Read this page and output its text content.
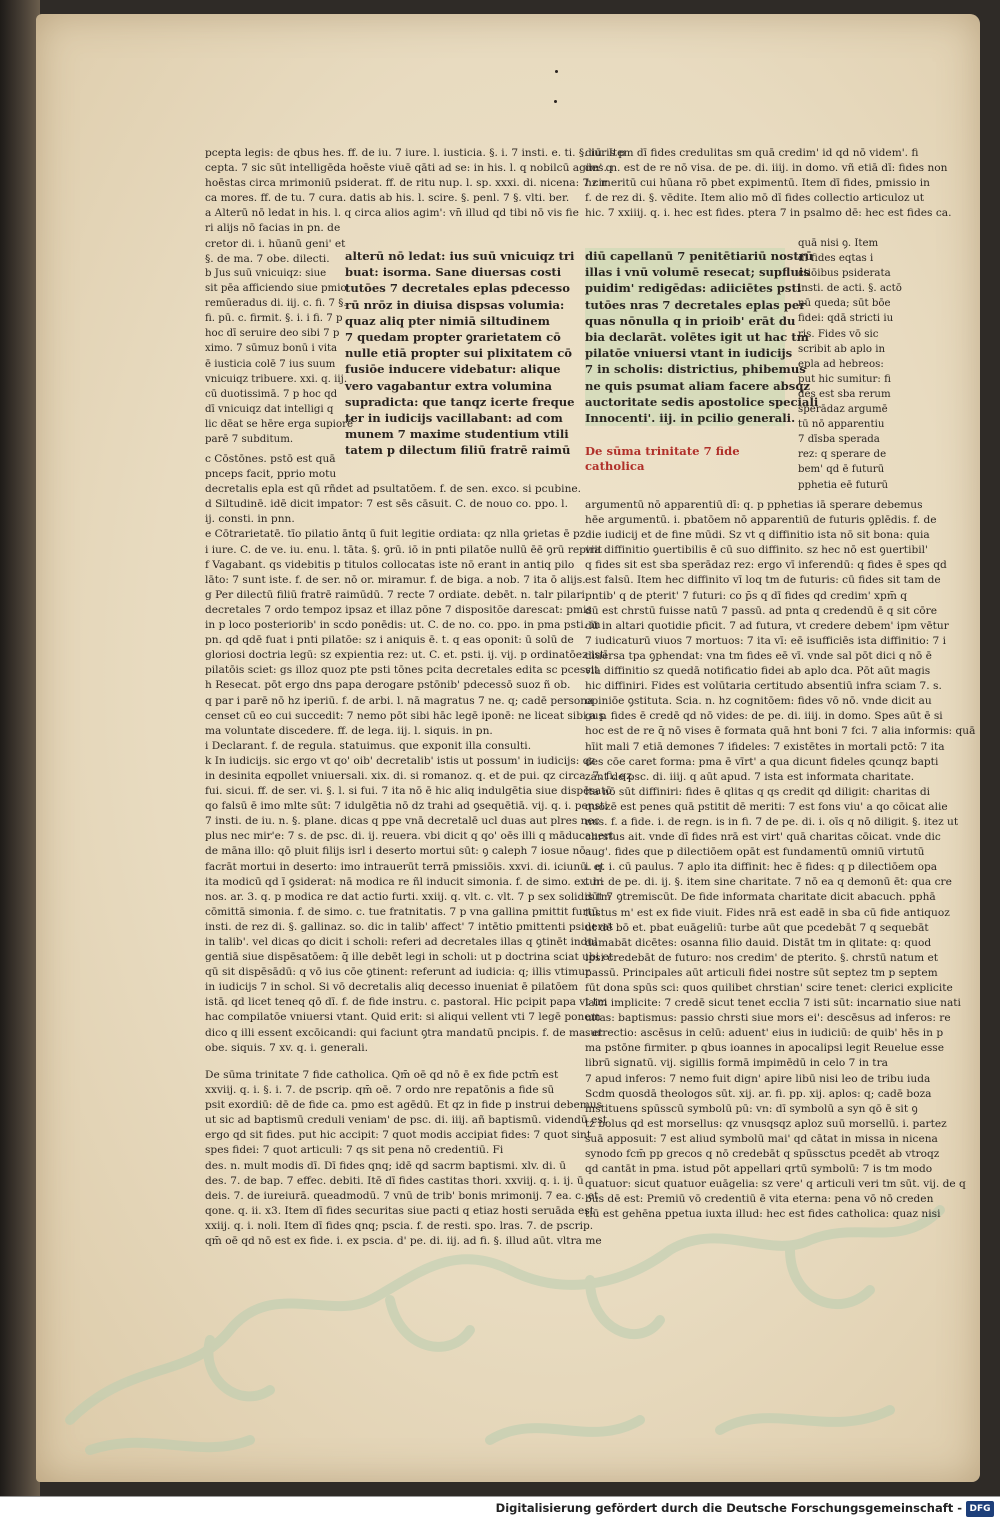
pcepta legis: de qbus hes. ff. de iu. 7 iure. l. iusticia. §. i. 7 insti. e. ti. §. iuris p
cepta. 7 sic sūt intelligēda hoēste viuē qāti ad se: in his. l. q nobilcū agim' q
hoēstas circa mrimoniū psiderat. ff. de ritu nup. l. sp. xxxi. di. nicena: 7 cir
ca mores. ff. de tu. 7 cura. datis ab his. l. scire. §. penl. 7 §. vlti. ber.
a Alterū nō ledat in his. l. q circa alios agim': vn̄ illud qd tibi nō vis fie
ri alijs nō facias in pn. de
cretor di. i. hūanū geni' et
§. de ma. 7 obe. dilecti.
b Jus suū vnicuiqz: siue
sit pēa afficiendo siue pmio
remūeradus di. iij. c. fi. 7 §.
fi. pū. c. firmit. §. i. i fi. 7 p
hoc dī seruire deo sibi 7 p
ximo. 7 sūmuz bonū i vita
ē iusticia colē 7 ius suum
vnicuiqz tribuere. xxi. q. iij.
cū duotissimā. 7 p hoc qd
dī vnicuiqz dat intelligi q
lic dēat se hēre erga supiorē
parē 7 subditum.
alterū nō ledat: ius suū vnicuiqz tri
buat: isorma. Sane diuersas costi
tutōes 7 decretales eplas pdecesso
rū nrōz in diuisa dispsas volumia:
quaz aliq pter nimiā siltudinem
7 quedam propter ꝯrarietatem cō
nulle etiā propter sui plixitatem cō
fusiōe inducere videbatur: alique
vero vagabantur extra volumina
supradicta: que tanqz icerte freque
ter in iudicijs vacillabant: ad com
munem 7 maxime studentium vtili
tatem p dilectum filiū fratrē raimū
c Cōstōnes. pstō est quā
pnceps facit, pprio motu
decretalis epla est qū rñdet ad psultatōem. f. de sen. exco. si pcubine.
d Siltudinē. idē dicit impator: 7 est sēs cāsuit. C. de nouo co. ppo. l.
ij. consti. in pnn.
e Cōtrarietatē. tīo pilatio āntq ū fuit legitie ordiata: qz nlla ꝯrietas ē pz
i iure. C. de ve. iu. enu. l. tāta. §. ꝯrū. iō in pnti pilatōe nullū ēē ꝯrū repirit
f Vagabant. qs videbitis p titulos collocatas iste nō erant in antiq pilo
lāto: 7 sunt iste. f. de ser. nō or. miramur. f. de biga. a nob. 7 ita ō alijs.
g Per dilectū filiū fratrē raimūdū. 7 recte 7 ordiate. debēt. n. talr pilari
decretales 7 ordo tempoz ipsaz et illaz pōne 7 dispositōe darescat: pmis
in p loco posteriorib' in scdo ponēdis: ut. C. de no. co. ppo. in pma psti. in
pn. qd qdē fuat i pnti pilatōe: sz i aniquis ē. t. q eas oponit: ū solū de
gloriosi doctria legū: sz expientia rez: ut. C. et. psti. ij. vij. p ordinatōez istī
pilatōis sciet: gs illoz quoz pte psti tōnes pcita decretales edita sc pcessit
h Resecat. pōt ergo dns papa derogare pstōnib' pdecessō suoz ñ ob.
q par i parē nō hz iperiū. f. de arbi. l. nā magratus 7 ne. q; cadē persona
censet cū eo cui succedit: 7 nemo pōt sibi hāc legē iponē: ne liceat sibi a p
ma voluntate discedere. ff. de lega. iij. l. siquis. in pn.
i Declarant. f. de regula. statuimus. que exponit illa consulti.
k In iudicijs. sic ergo vt qo' oib' decretalib' istis ut possum' in iudicijs: qz
in desinita eqpollet vniuersali. xix. di. si romanoz. q. et de pui. qz circa. 7. fi. qz
fui. sicui. ff. de ser. vi. §. l. si fui. 7 ita nō ē hic aliq indulgētia siue dispēsatō
qo falsū ē imo mlte sūt: 7 idulgētia nō dz trahi ad ꝯsequētiā. vij. q. i. pensti
7 insti. de iu. n. §. plane. dicas q ppe vnā decretalē ucl duas aut plres nec
plus nec mir'e: 7 s. de psc. di. ij. reuera. vbi dicit q qo' oēs illi q māducauert
de māna illo: qō pluit filijs isrl i deserto mortui sūt: ꝯ caleph 7 iosue nō
facrāt mortui in deserto: imo intrauerūt terrā pmissiōis. xxvi. di. iciunū. et
ita modicū qd ī ꝯsiderat: nā modica re ñl inducit simonia. f. de simo. ex. hi
nos. ar. 3. q. p modica re dat actio furti. xxiij. q. vlt. c. vlt. 7 p sex solidis tm
cōmittā simonia. f. de simo. c. tue fratnitatis. 7 p vna gallina pmittit furtū
insti. de rez di. §. gallinaz. so. dic in talib' affect' 7 intētio pmittenti psiderat
in talib'. vel dicas qo dicit i scholi: referi ad decretales illas q ꝯtinēt indul
gentiā siue dispēsatōem: q̄ ille debēt legi in scholi: ut p doctrina sciat ubi et
qū sit dispēsādū: q vō ius cōe ꝯtinent: referunt ad iudicia: q; illis vtimur
in iudicijs 7 in schol. Si vō decretalis aliq decesso inueniat ē pilatōem
istā. qd licet teneq qō dī. f. de fide instru. c. pastoral. Hic pcipit papa vt tm
hac compilatōe vniuersi vtant. Quid erit: si aliqui vellent vti 7 legē ponem
dico q illi essent excōicandi: qui faciunt ꝯtra mandatū pncipis. f. de ma. et
obe. siquis. 7 xv. q. i. generali.
De sūma trinitate 7 fide catholica. Qm̄ oē qd nō ē ex fide pctm̄ est
xxviij. q. i. §. i. 7. de pscrip. qm̄ oē. 7 ordo nre repatōnis a fide sū
psit exordiū: dē de fide ca. pmo est agēdū. Et qz in fide p instrui debemus
ut sic ad baptismū creduli veniam' de psc. di. iiij. añ baptismū. videndū est
ergo qd sit fides. put hic accipit: 7 quot modis accipiat fides: 7 quot sint
spes fidei: 7 quot articuli: 7 qs sit pena nō credentiū. Fi
des. n. mult modis dī. Dī fides qnq; idē qd sacrm baptismi. xlv. di. ū
des. 7. de bap. 7 effec. debiti. Itē dī fides castitas thori. xxviij. q. i. ij. ū
deis. 7. de iureiurā. queadmodū. 7 vnū de trib' bonis mrimonij. 7 ea. c. et
qone. q. ii. x3. Item dī fides securitas siue pacti q etiaz hosti seruāda est
xxiij. q. i. noli. Item dī fides qnq; pscia. f. de resti. spo. lras. 7. de pscrip.
qm̄ oē qd nō est ex fide. i. ex pscia. d' pe. di. iij. ad fi. §. illud aūt. vltra me
diū. Item dī fides credulitas sm quā credim' id qd nō videm'. fi
des. n. est de re nō visa. de pe. di. iiij. in domo. vñ etiā dī: fides non
hz meritū cui hūana rō pbet expimentū. Item dī fides, pmissio in
f. de rez di. §. vēdite. Item alio mō dī fides collectio articuloz ut
hic. 7 xxiiij. q. i. hec est fides. ptera 7 in psalmo dē: hec est fides ca.
diū capellanū 7 penitētiariū nostrū
illas i vnū volumē resecat; supfluis
puidim' redigēdas: adiiciētes psti
tutōes nras 7 decretales eplas per
quas nōnulla q in prioib' erāt du
bia declarāt. volētes igit ut hac tm
pilatōe vniuersi vtant in iudicijs
7 in scholis: districtius, phibemus
ne quis psumat aliam facere absqz
auctoritate sedis apostolice speciali
Innocenti'. iij. in pcilio generali.
De sūma trinitate 7 fide catholica
quā nisi ꝯ. Item
dī fides eqtas i
ctiōibus psiderata
insti. de acti. §. actō
nū queda; sūt bōe
fidei: qdā stricti iu
ris. Fides vō sic
scribit ab aplo in
epla ad hebreos:
put hic sumitur: fi
des est sba rerum
sperādaz argumē
tū nō apparentiu
7 dīsba sperada
rez: q sperare de
bem' qd ē futurū
pphetia eē futurū
argumentū nō apparentiū dī: q. p pphetias iā sperare debemus
hēe argumentū. i. pbatōem nō apparentiū de futuris ꝯplēdis. f. de
die iudicij et de fine mūdi. Sz vt q diffinitio ista nō sit bona: quia
via diffinitio ꝯuertibilis ē cū suo diffinito. sz hec nō est ꝯuertibil'
q fides sit est sba sperādaz rez: ergo vī inferendū: q fides ē spes qd
est falsū. Item hec diffinito vī loq tm de futuris: cū fides sit tam de
pntib' q de pterit' 7 futuri: co p̄s q dī fides qd credim' xpm̄ q
dū est chrstū fuisse natū 7 passū. ad pnta q credendū ē q sit cōre
dū in altari quotidie pficit. 7 ad futura, vt credere debem' ipm vētur
7 iudicaturū viuos 7 mortuos: 7 ita vī: eē isufficiēs ista diffinitio: 7 i
diuersa tpa ꝯphendat: vna tm fides eē vī. vnde sal pōt dici q nō ē
via diffinitio sz quedā notificatio fidei ab aplo dca. Pōt aūt magis
hic diffiniri. Fides est volūtaria certitudo absentiū infra sciam 7. s.
opiniōe ꝯstituta. Scia. n. hz cognitōem: fides vō nō. vnde dicit au
gus. fides ē credē qd nō vides: de pe. di. iiij. in domo. Spes aūt ē si
hoc est de re q̄ nō vises ē formata quā hnt boni 7 fci. 7 alia informis: quā
hīit mali 7 etiā demones 7 ifideles: 7 existētes in mortali pctō: 7 ita
des cōe caret forma: pma ē vīrt' a qua dicunt fideles qcunqz bapti
zant de psc. di. iiij. q aūt apud. 7 ista est informata charitate.
ita nō sūt diffiniri: fides ē qlitas q qs credit qd diligit: charitas di
quozē est penes quā pstitit dē meriti: 7 est fons viu' a qo cōicat alie
nus. f. a fide. i. de regn. is in fi. 7 de pe. di. i. oīs q nō diligit. §. itez ut
chrstus ait. vnde dī fides nrā est virt' quā charitas cōicat. vnde dic
aug'. fides que p dilectiōem opāt est fundamentū omniū virtutū
i. q. i. cū paulus. 7 aplo ita diffinit: hec ē fides: q p dilectiōem opa
tur: de pe. di. ij. §. item sine charitate. 7 nō ea q demonū ēt: qua cre
dūt 7 ꝯtremiscūt. De fide informata charitate dicit abacuch. pphā
iustus m' est ex fide viuit. Fides nrā est eadē in sba cū fide antiquoz
ut dē bō et. pbat euāgeliū: turbe aūt que pcedebāt 7 q sequebāt
damabāt dicētes: osanna filio dauid. Distāt tm in qlitate: q: quod
ipsi credebāt de futuro: nos credim' de pterito. §. chrstū natum et
passū. Principales aūt articuli fidei nostre sūt septez tm p septem
fūt dona spūs sci: quos quilibet chrstian' scire tenet: clerici explicite
laici implicite: 7 credē sicut tenet ecclia 7 isti sūt: incarnatio siue nati
uitas: baptismus: passio chrsti siue mors ei': descēsus ad inferos: re
surrectio: ascēsus in celū: aduent' eius in iudiciū: de quib' hēs in p
ma pstōne firmiter. p qbus ioannes in apocalipsi legit Reuelue esse
librū signatū. vij. sigillis formā impimēdū in celo 7 in tra
7 apud inferos: 7 nemo fuit dign' apire libū nisi leo de tribu iuda
Scdm quosdā theologos sūt. xij. ar. fi. pp. xij. aplos: q; cadē boza
instituens spūsscū symbolū pū: vn: dī symbolū a syn qō ē sit ꝯ
tz bolus qd est morsellus: qz vnusqsqz aploz suū morsellū. i. partez
suā apposuit: 7 est aliud symbolū mai' qd cātat in missa in nicena
synodo fcm̄ pp grecos q nō credebāt q spūssctus pcedēt ab vtroqz
qd cantāt in pma. istud pōt appellari qrtū symbolū: 7 is tm modo
quatuor: sicut quatuor euāgelia: sz vere' q articuli veri tm sūt. vij. de q
bus dē est: Premiū vō credentiū ē vita eterna: pena vō nō creden
tiū est gehēna ppetua iuxta illud: hec est fides catholica: quaz nisi
Digitalisierung gefördert durch die Deutsche Forschungsgemeinschaft - DFG
